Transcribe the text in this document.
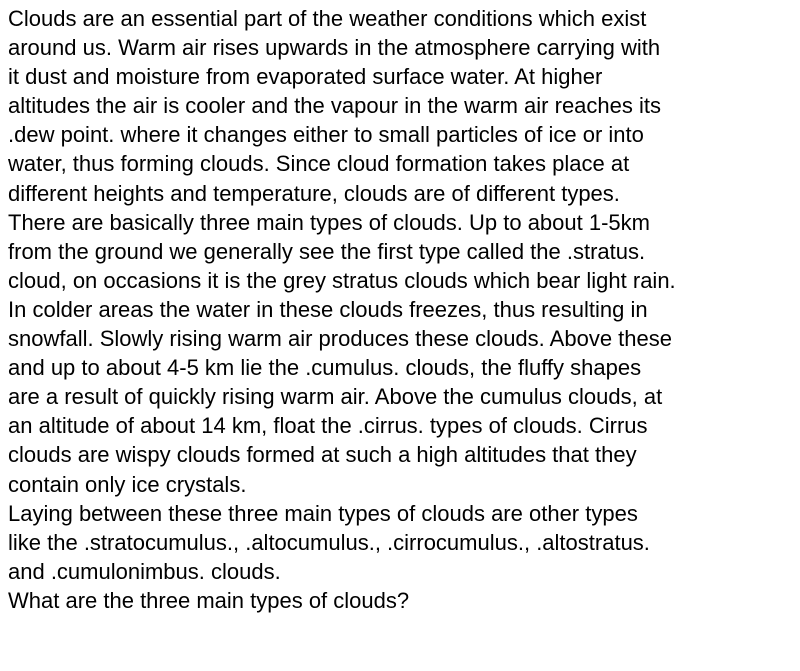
Clouds are an essential part of the weather conditions which exist

around us. Warm air rises upwards in the atmosphere carrying with

it dust and moisture from evaporated surface water. At higher

altitudes the air is cooler and the vapour in the warm air reaches its

.dew point. where it changes either to small particles of ice or into

water, thus forming clouds. Since cloud formation takes place at

different heights and temperature, clouds are of different types.

There are basically three main types of clouds. Up to about 1-5km

from the ground we generally see the first type called the .stratus.

cloud, on occasions it is the grey stratus clouds which bear light rain.

In colder areas the water in these clouds freezes, thus resulting in

snowfall. Slowly rising warm air produces these clouds. Above these

and up to about 4-5 km lie the .cumulus. clouds, the fluffy shapes

are a result of quickly rising warm air. Above the cumulus clouds, at

an altitude of about 14 km, float the .cirrus. types of clouds. Cirrus

clouds are wispy clouds formed at such a high altitudes that they

contain only ice crystals.

Laying between these three main types of clouds are other types

like the .stratocumulus., .altocumulus., .cirrocumulus., .altostratus.

and .cumulonimbus. clouds.

What are the three main types of clouds?
